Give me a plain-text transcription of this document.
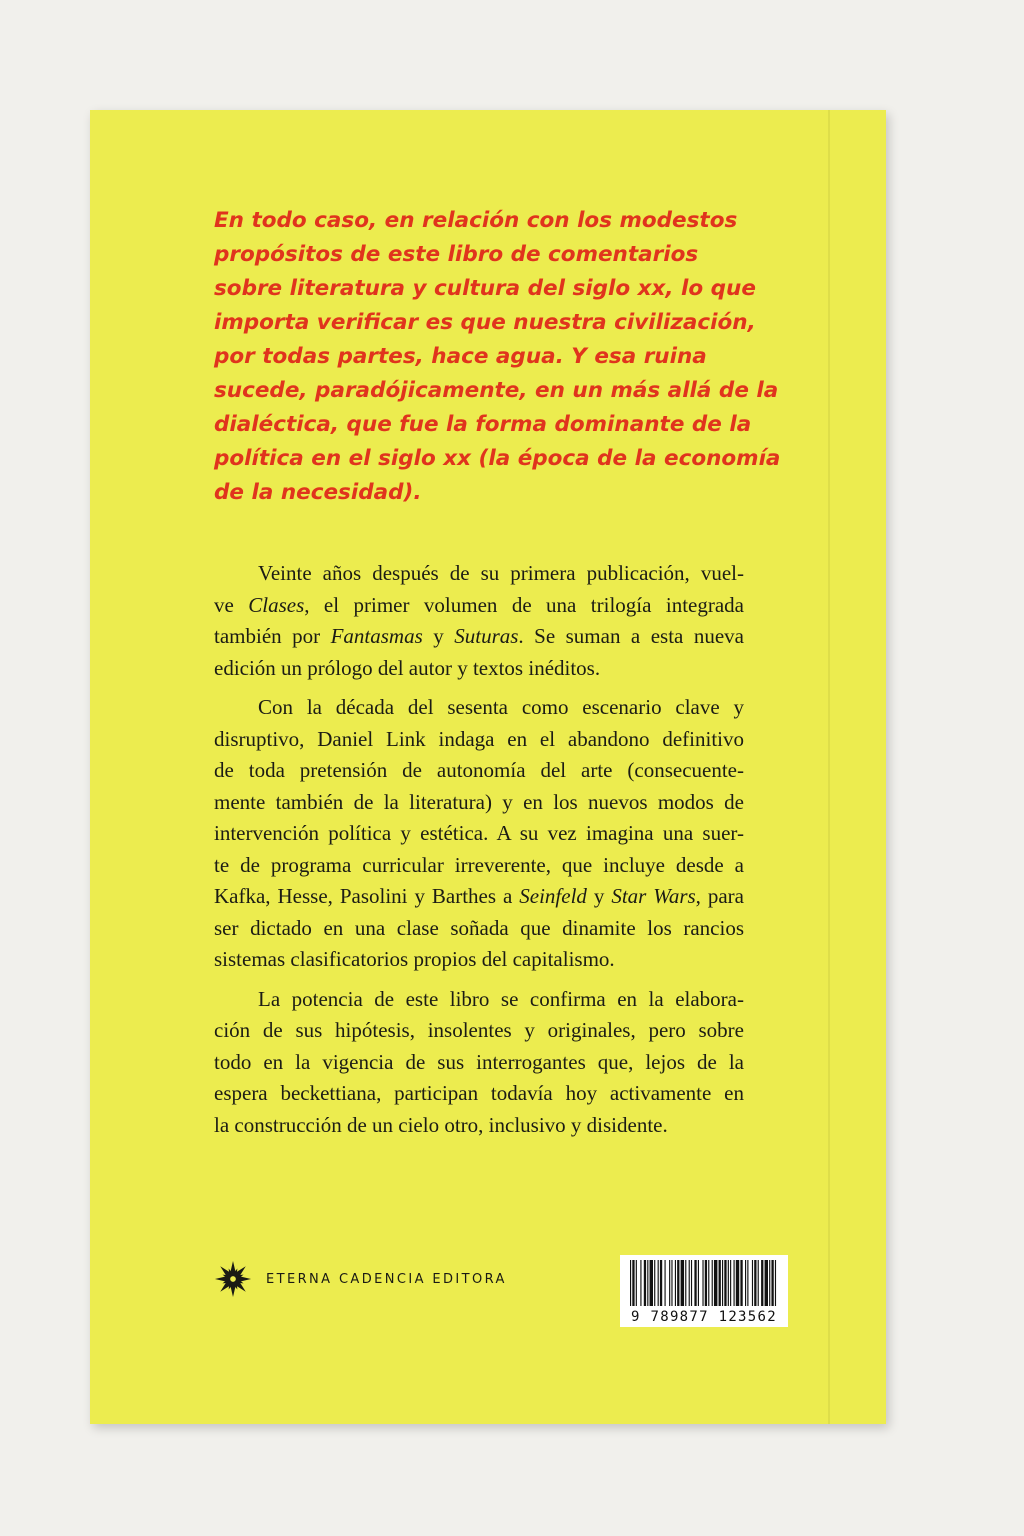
En todo caso, en relación con los modestos
propósitos de este libro de comentarios
sobre literatura y cultura del siglo xx, lo que
importa verificar es que nuestra civilización,
por todas partes, hace agua. Y esa ruina
sucede, paradójicamente, en un más allá de la
dialéctica, que fue la forma dominante de la
política en el siglo xx (la época de la economía
de la necesidad).
Veinte años después de su primera publicación, vuel-
ve Clases, el primer volumen de una trilogía integrada
también por Fantasmas y Suturas. Se suman a esta nueva
edición un prólogo del autor y textos inéditos.
Con la década del sesenta como escenario clave y
disruptivo, Daniel Link indaga en el abandono definitivo
de toda pretensión de autonomía del arte (consecuente-
mente también de la literatura) y en los nuevos modos de
intervención política y estética. A su vez imagina una suer-
te de programa curricular irreverente, que incluye desde a
Kafka, Hesse, Pasolini y Barthes a Seinfeld y Star Wars, para
ser dictado en una clase soñada que dinamite los rancios
sistemas clasificatorios propios del capitalismo.
La potencia de este libro se confirma en la elabora-
ción de sus hipótesis, insolentes y originales, pero sobre
todo en la vigencia de sus interrogantes que, lejos de la
espera beckettiana, participan todavía hoy activamente en
la construcción de un cielo otro, inclusivo y disidente.
ETERNA CADENCIA EDITORA
9 789877 123562
